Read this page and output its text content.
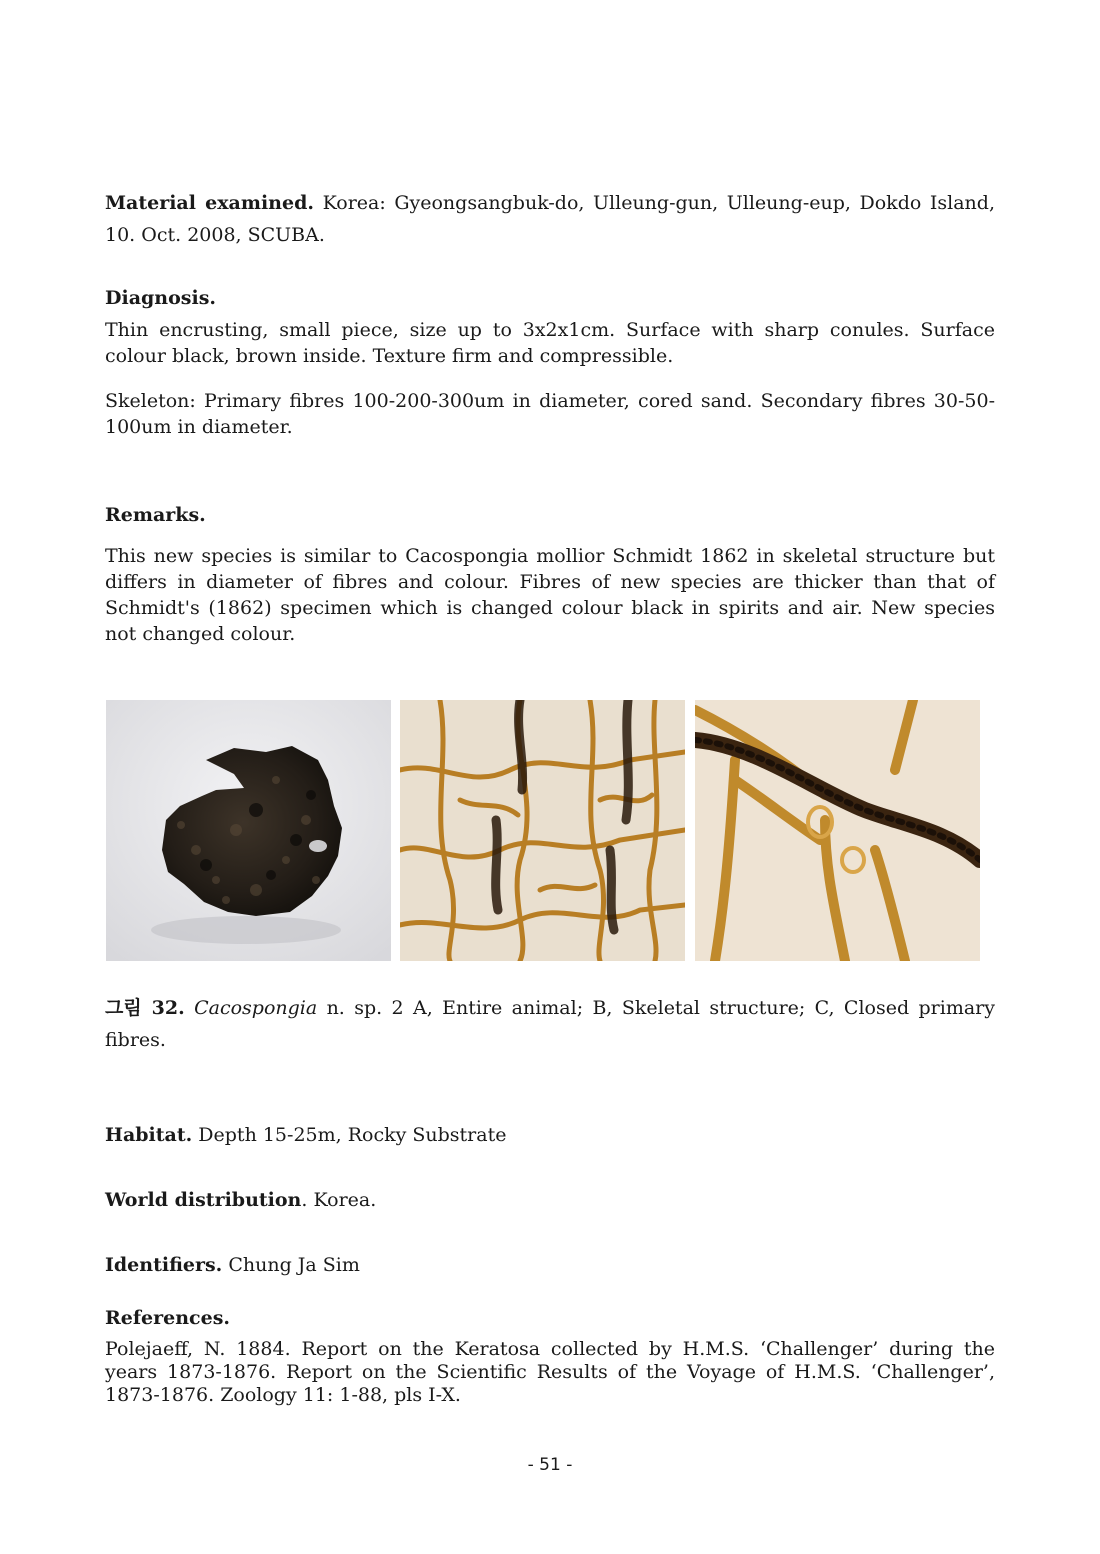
Material examined. Korea: Gyeongsangbuk-do, Ulleung-gun, Ulleung-eup, Dokdo Island, 10. Oct. 2008, SCUBA.
Diagnosis.
Thin encrusting, small piece, size up to 3x2x1cm. Surface with sharp conules. Surface colour black, brown inside. Texture firm and compressible.
Skeleton: Primary fibres 100-200-300um in diameter, cored sand. Secondary fibres 30-50-100um in diameter.
Remarks.
This new species is similar to Cacospongia mollior Schmidt 1862 in skeletal structure but differs in diameter of fibres and colour. Fibres of new species are thicker than that of Schmidt's (1862) specimen which is changed colour black in spirits and air. New species not changed colour.
그림 32. Cacospongia n. sp. 2 A, Entire animal; B, Skeletal structure; C, Closed primary fibres.
Habitat. Depth 15-25m, Rocky Substrate
World distribution. Korea.
Identifiers. Chung Ja Sim
References.
Polejaeff, N. 1884. Report on the Keratosa collected by H.M.S. ‘Challenger’ during the years 1873-1876. Report on the Scientific Results of the Voyage of H.M.S. ‘Challenger’, 1873-1876. Zoology 11: 1-88, pls I-X.
- 51 -
